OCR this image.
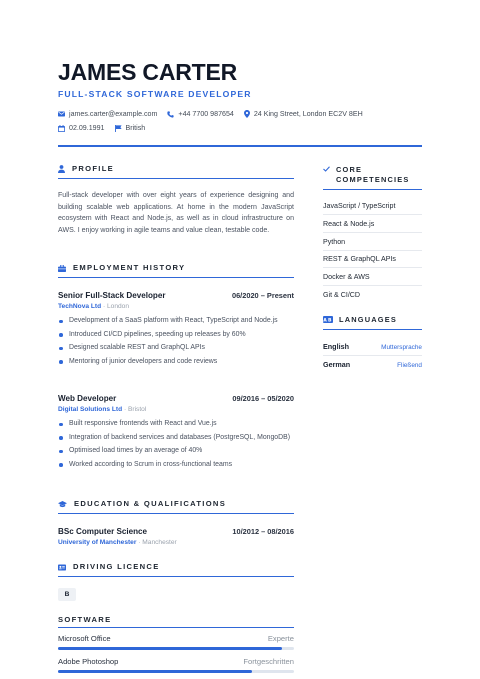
JAMES CARTER
FULL-STACK SOFTWARE DEVELOPER
james.carter@example.com	+44 7700 987654	24 King Street, London EC2V 8EH
02.09.1991	British
PROFILE
Full-stack developer with over eight years of experience designing and building scalable web applications. At home in the modern JavaScript ecosystem with React and Node.js, as well as in cloud infrastructure on AWS. I enjoy working in agile teams and value clean, testable code.
EMPLOYMENT HISTORY
Senior Full-Stack Developer	06/2020 – Present
TechNova Ltd · London
Development of a SaaS platform with React, TypeScript and Node.js
Introduced CI/CD pipelines, speeding up releases by 60%
Designed scalable REST and GraphQL APIs
Mentoring of junior developers and code reviews
Web Developer	09/2016 – 05/2020
Digital Solutions Ltd · Bristol
Built responsive frontends with React and Vue.js
Integration of backend services and databases (PostgreSQL, MongoDB)
Optimised load times by an average of 40%
Worked according to Scrum in cross-functional teams
EDUCATION & QUALIFICATIONS
BSc Computer Science	10/2012 – 08/2016
University of Manchester · Manchester
DRIVING LICENCE
B
SOFTWARE
Microsoft Office	Experte
Adobe Photoshop	Fortgeschritten
CORE
COMPETENCIES
JavaScript / TypeScript
React & Node.js
Python
REST & GraphQL APIs
Docker & AWS
Git & CI/CD
AB LANGUAGES
English	Muttersprache
German	Fließend
